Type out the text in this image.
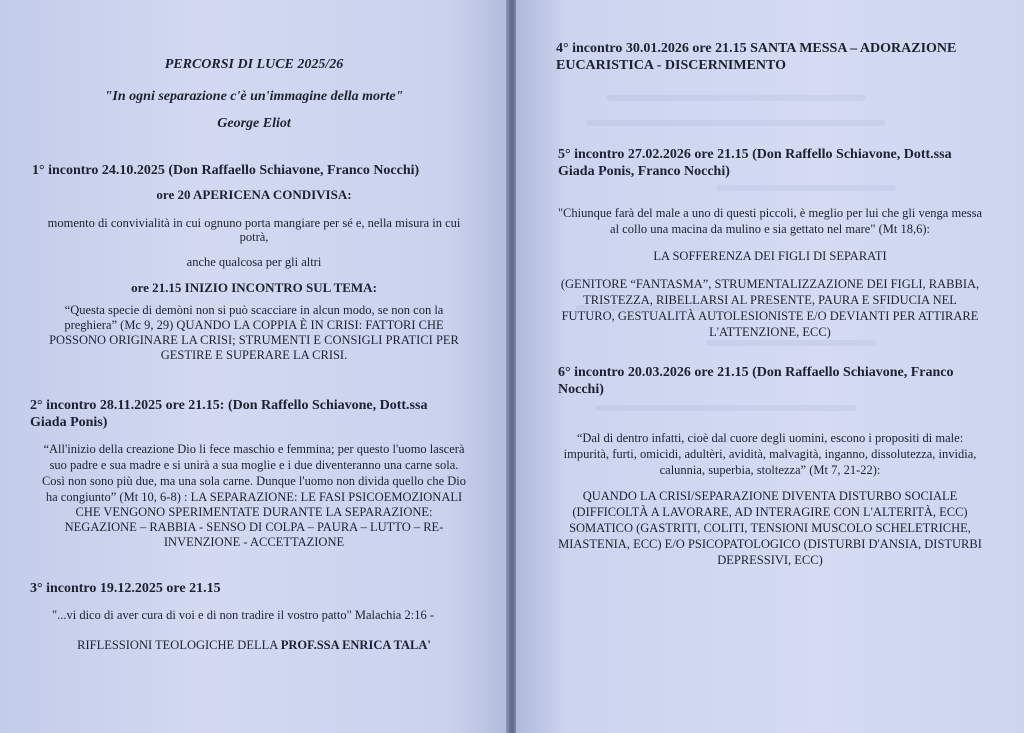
PERCORSI DI LUCE 2025/26

"In ogni separazione c'è un'immagine della morte"

George Eliot

1° incontro 24.10.2025 (Don Raffaello Schiavone, Franco Nocchi)

ore 20 APERICENA CONDIVISA:

momento di convivialità in cui ognuno porta mangiare per sé e, nella misura in cui

potrà,

anche qualcosa per gli altri

ore 21.15 INIZIO INCONTRO SUL TEMA:

“Questa specie di demòni non si può scacciare in alcun modo, se non con la

preghiera” (Mc 9, 29) QUANDO LA COPPIA È IN CRISI: FATTORI CHE

POSSONO ORIGINARE LA CRISI; STRUMENTI E CONSIGLI PRATICI PER

GESTIRE E SUPERARE LA CRISI.

2° incontro 28.11.2025 ore 21.15: (Don Raffello Schiavone, Dott.ssa

Giada Ponis)

“All'inizio della creazione Dio li fece maschio e femmina; per questo l'uomo lascerà

suo padre e sua madre e si unirà a sua moglie e i due diventeranno una carne sola.

Così non sono più due, ma una sola carne. Dunque l'uomo non divida quello che Dio

ha congiunto” (Mt 10, 6-8) : LA SEPARAZIONE: LE FASI PSICOEMOZIONALI

CHE VENGONO SPERIMENTATE DURANTE LA SEPARAZIONE:

NEGAZIONE – RABBIA - SENSO DI COLPA – PAURA – LUTTO – RE-

INVENZIONE - ACCETTAZIONE

3° incontro 19.12.2025 ore 21.15

"...vi dico di aver cura di voi e di non tradire il vostro patto" Malachia 2:16 -

RIFLESSIONI TEOLOGICHE DELLA PROF.SSA ENRICA TALA'

4° incontro 30.01.2026 ore 21.15 SANTA MESSA – ADORAZIONE

EUCARISTICA - DISCERNIMENTO

5° incontro 27.02.2026 ore 21.15 (Don Raffello Schiavone, Dott.ssa

Giada Ponis, Franco Nocchi)

"Chiunque farà del male a uno di questi piccoli, è meglio per lui che gli venga messa

al collo una macina da mulino e sia gettato nel mare" (Mt 18,6):

LA SOFFERENZA DEI FIGLI DI SEPARATI

(GENITORE “FANTASMA”, STRUMENTALIZZAZIONE DEI FIGLI, RABBIA,

TRISTEZZA, RIBELLARSI AL PRESENTE, PAURA E SFIDUCIA NEL

FUTURO, GESTUALITÀ AUTOLESIONISTE E/O DEVIANTI PER ATTIRARE

L'ATTENZIONE, ECC)

6° incontro 20.03.2026 ore 21.15 (Don Raffaello Schiavone, Franco

Nocchi)

“Dal di dentro infatti, cioè dal cuore degli uomini, escono i propositi di male:

impurità, furti, omicidi, adultèri, avidità, malvagità, inganno, dissolutezza, invidia,

calunnia, superbia, stoltezza” (Mt 7, 21-22):

QUANDO LA CRISI/SEPARAZIONE DIVENTA DISTURBO SOCIALE

(DIFFICOLTÀ A LAVORARE, AD INTERAGIRE CON L'ALTERITÀ, ECC)

SOMATICO (GASTRITI, COLITI, TENSIONI MUSCOLO SCHELETRICHE,

MIASTENIA, ECC) E/O PSICOPATOLOGICO (DISTURBI D'ANSIA, DISTURBI

DEPRESSIVI, ECC)
